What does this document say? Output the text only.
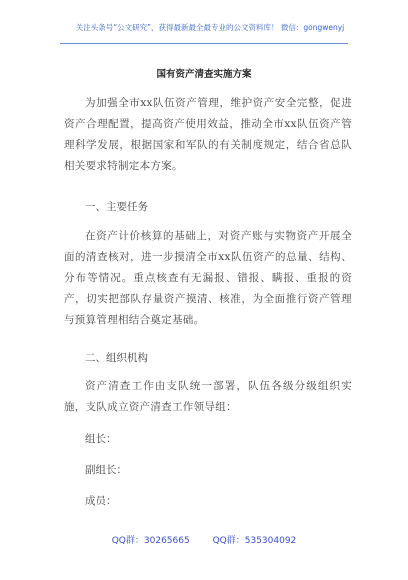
关注头条号“公文研究”，获得最新最全最专业的公文资料库！ 微信：gongwenyj
国有资产清查实施方案
为加强全市xx队伍资产管理，维护资产安全完整，促进资产合理配置，提高资产使用效益，推动全市xx队伍资产管理科学发展，根据国家和军队的有关制度规定，结合省总队相关要求特制定本方案。
一、主要任务
在资产计价核算的基础上，对资产账与实物资产开展全面的清查核对，进一步摸清全市xx队伍资产的总量、结构、分布等情况。重点核查有无漏报、错报、瞒报、重报的资产，切实把部队存量资产摸清、核准，为全面推行资产管理与预算管理相结合奠定基础。
二、组织机构
资产清查工作由支队统一部署，队伍各级分级组织实施，支队成立资产清查工作领导组：
组长：
副组长：
成员：
QQ群：30265665	QQ群：535304092
